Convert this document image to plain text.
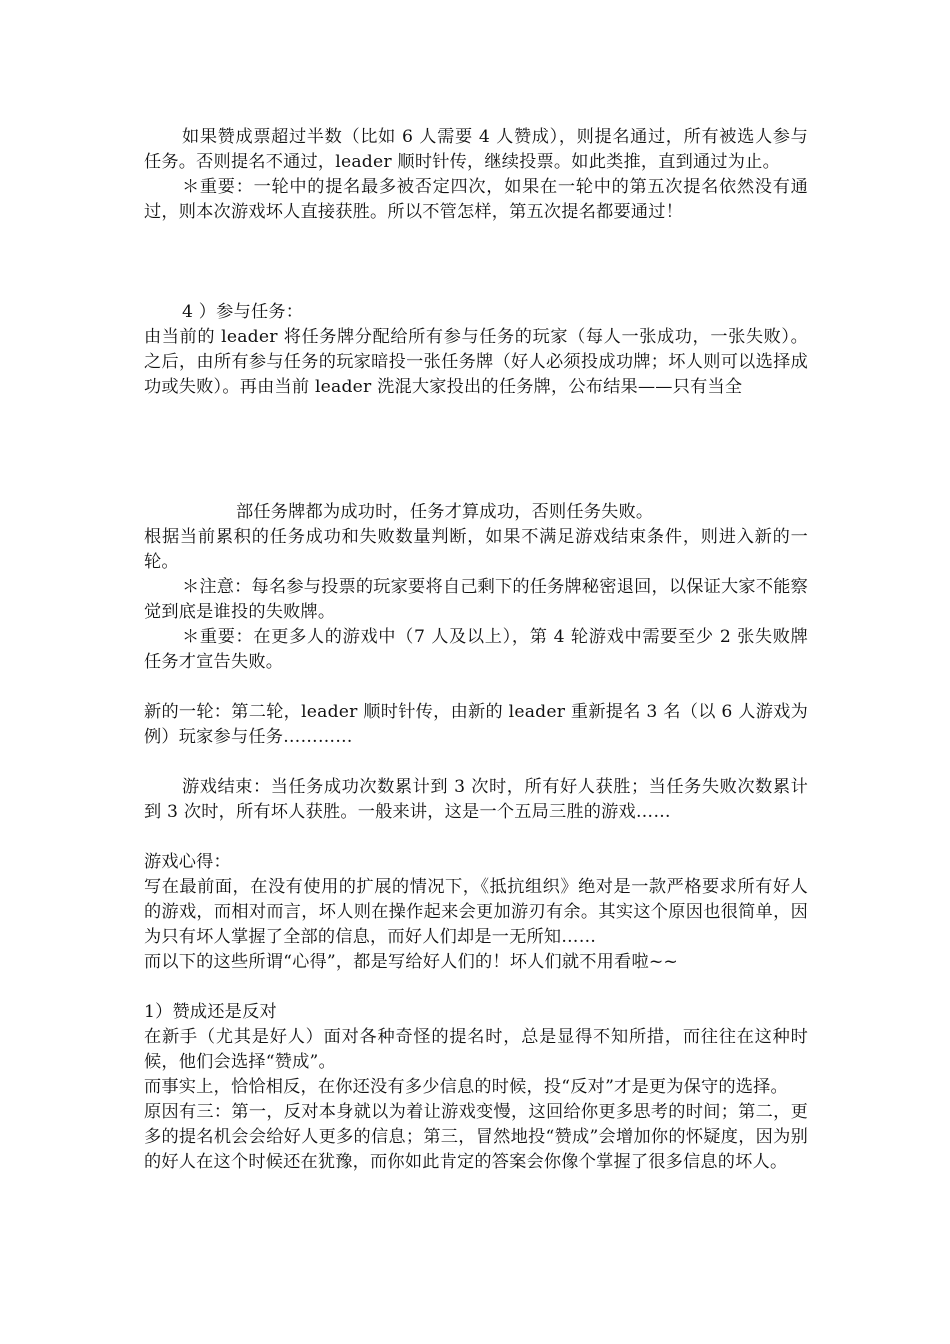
如果赞成票超过半数（比如 6 人需要 4 人赞成），则提名通过，所有被选人参与任务。否则提名不通过，leader 顺时针传，继续投票。如此类推，直到通过为止。

＊重要：一轮中的提名最多被否定四次，如果在一轮中的第五次提名依然没有通过，则本次游戏坏人直接获胜。所以不管怎样，第五次提名都要通过！

4 ）参与任务：

由当前的 leader 将任务牌分配给所有参与任务的玩家（每人一张成功，一张失败）。之后，由所有参与任务的玩家暗投一张任务牌（好人必须投成功牌；坏人则可以选择成功或失败）。再由当前 leader 洗混大家投出的任务牌，公布结果——只有当全

部任务牌都为成功时，任务才算成功，否则任务失败。

根据当前累积的任务成功和失败数量判断，如果不满足游戏结束条件，则进入新的一轮。

＊注意：每名参与投票的玩家要将自己剩下的任务牌秘密退回，以保证大家不能察觉到底是谁投的失败牌。

＊重要：在更多人的游戏中（7 人及以上），第 4 轮游戏中需要至少 2 张失败牌任务才宣告失败。

新的一轮：第二轮，leader 顺时针传，由新的 leader 重新提名 3 名（以 6 人游戏为例）玩家参与任务…………

游戏结束：当任务成功次数累计到 3 次时，所有好人获胜；当任务失败次数累计到 3 次时，所有坏人获胜。一般来讲，这是一个五局三胜的游戏……

游戏心得：

写在最前面，在没有使用的扩展的情况下，《抵抗组织》绝对是一款严格要求所有好人的游戏，而相对而言，坏人则在操作起来会更加游刃有余。其实这个原因也很简单，因为只有坏人掌握了全部的信息，而好人们却是一无所知……

而以下的这些所谓“心得”，都是写给好人们的！坏人们就不用看啦~~

1）赞成还是反对

在新手（尤其是好人）面对各种奇怪的提名时，总是显得不知所措，而往往在这种时候，他们会选择“赞成”。

而事实上，恰恰相反，在你还没有多少信息的时候，投“反对”才是更为保守的选择。

原因有三：第一，反对本身就以为着让游戏变慢，这回给你更多思考的时间；第二，更多的提名机会会给好人更多的信息；第三，冒然地投“赞成”会增加你的怀疑度，因为别的好人在这个时候还在犹豫，而你如此肯定的答案会你像个掌握了很多信息的坏人。
